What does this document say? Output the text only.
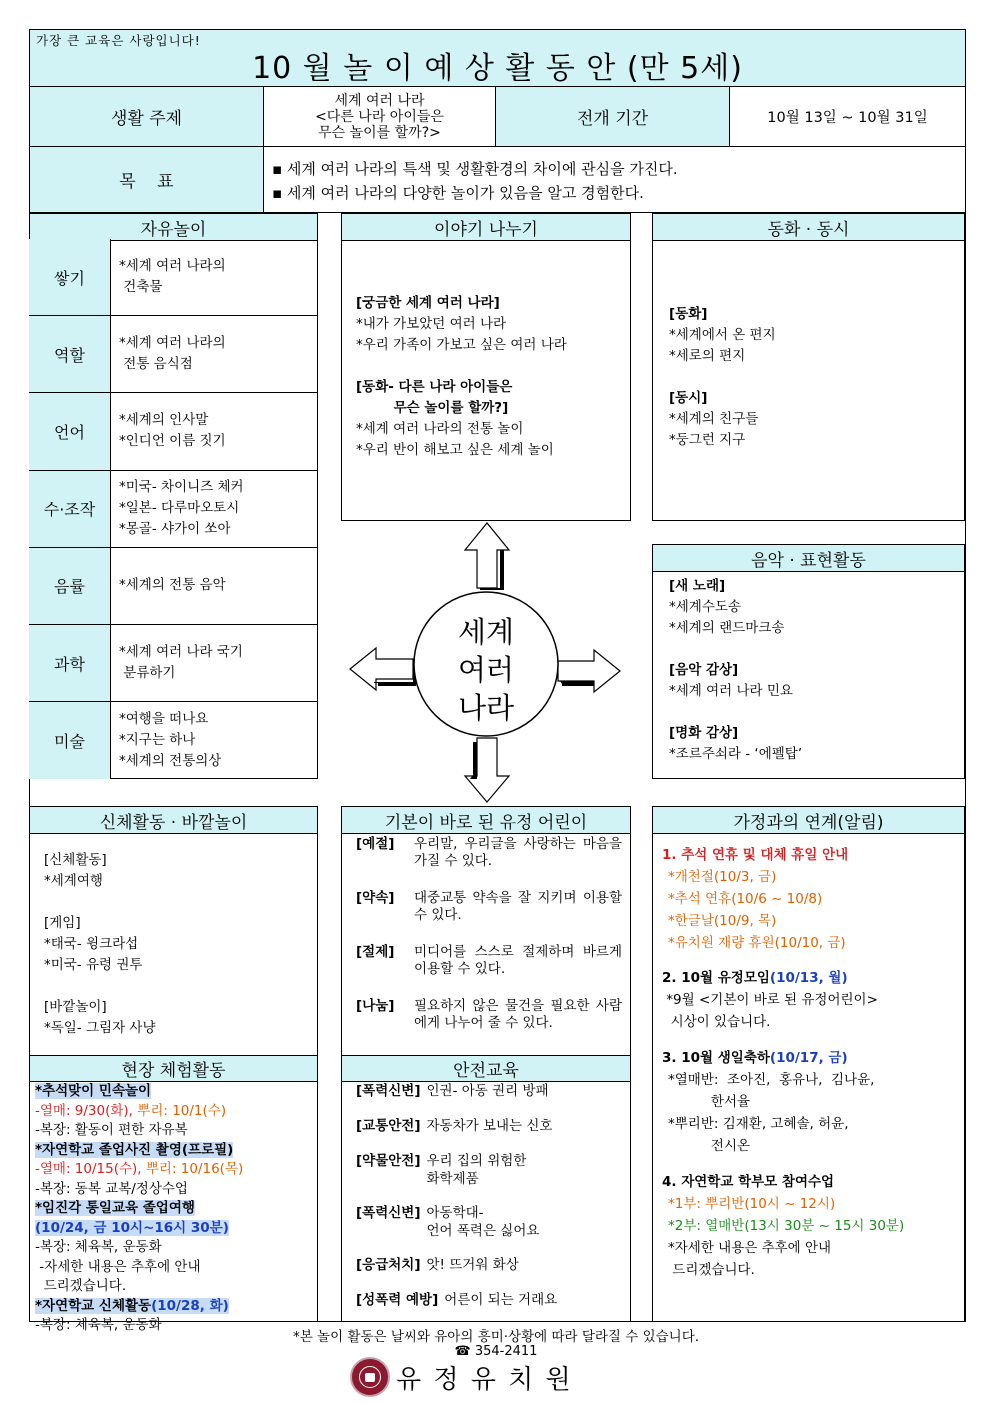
가장 큰 교육은 사랑입니다!
10 월 놀 이 예 상 활 동 안 (만 5세)
생활 주제
세계 여러 나라
<다른 나라 아이들은
무슨 놀이를 할까?>
전개 기간	10월 13일 ~ 10월 31일
목    표
▪ 세계 여러 나라의 특색 및 생활환경의 차이에 관심을 가진다.
▪ 세계 여러 나라의 다양한 놀이가 있음을 알고 경험한다.
자유놀이
쌓기
*세계 여러 나라의
건축물
역할
*세계 여러 나라의
전통 음식점
언어
*세계의 인사말
*인디언 이름 짓기
수·조작
*미국- 차이니즈 체커
*일본- 다루마오토시
*몽골- 샤가이 쏘아
음률	*세계의 전통 음악
과학
*세계 여러 나라 국기
분류하기
미술
*여행을 떠나요
*지구는 하나
*세계의 전통의상
이야기 나누기
[궁금한 세계 여러 나라]
*내가 가보았던 여러 나라
*우리 가족이 가보고 싶은 여러 나라

[동화- 다른 나라 아이들은
무슨 놀이를 할까?]
*세계 여러 나라의 전통 놀이
*우리 반이 해보고 싶은 세계 놀이
동화 · 동시
[동화]
*세계에서 온 편지
*세로의 편지

[동시]
*세계의 친구들
*둥그런 지구
음악 · 표현활동
[새 노래]
*세계수도송
*세계의 랜드마크송

[음악 감상]
*세계 여러 나라 민요

[명화 감상]
*조르주쇠라 - ‘에펠탑’
세계
여러
나라
신체활동 · 바깥놀이
[신체활동]
*세계여행

[게임]
*태국- 윙크라섭
*미국- 유령 권투

[바깥놀이]
*독일- 그림자 사냥
현장 체험활동
*추석맞이 민속놀이
-열매: 9/30(화), 뿌리: 10/1(수)
-복장: 활동이 편한 자유복
*자연학교 졸업사진 촬영(프로필)
-열매: 10/15(수), 뿌리: 10/16(목)
-복장: 동복 교복/정상수업
*임진각 통일교육 졸업여행
(10/24, 금 10시~16시 30분)
-복장: 체육복, 운동화
-자세한 내용은 추후에 안내
드리겠습니다.
*자연학교 신체활동(10/28, 화)
-복장: 체육복, 운동화
기본이 바로 된 유정 어린이
[예절]	우리말, 우리글을 사랑하는 마음을 가질 수 있다.
[약속]	대중교통 약속을 잘 지키며 이용할 수 있다.
[절제]	미디어를 스스로 절제하며 바르게 이용할 수 있다.
[나눔]	필요하지 않은 물건을 필요한 사람에게 나누어 줄 수 있다.
안전교육
[폭력신변] 인권- 아동 권리 방패
[교통안전] 자동차가 보내는 신호
[약물안전] 우리 집의 위험한
화학제품
[폭력신변] 아동학대-
언어 폭력은 싫어요
[응급처치] 앗! 뜨거워 화상
[성폭력 예방] 어른이 되는 거래요
가정과의 연계(알림)
1. 추석 연휴 및 대체 휴일 안내
*개천절(10/3, 금)
*추석 연휴(10/6 ~ 10/8)
*한글날(10/9, 목)
*유치원 재량 휴원(10/10, 금)
2. 10월 유정모임(10/13, 월)
*9월 <기본이 바로 된 유정어린이>
시상이 있습니다.
3. 10월 생일축하(10/17, 금)
*열매반:  조아진,  홍유나,  김나윤,
한서율
*뿌리반: 김재환, 고혜솔, 허윤,
전시온
4. 자연학교 학부모 참여수업
*1부: 뿌리반(10시 ~ 12시)
*2부: 열매반(13시 30분 ~ 15시 30분)
*자세한 내용은 추후에 안내
드리겠습니다.
*본 놀이 활동은 날씨와 유아의 흥미·상황에 따라 달라질 수 있습니다.
☎ 354-2411
유 정 유 치 원
